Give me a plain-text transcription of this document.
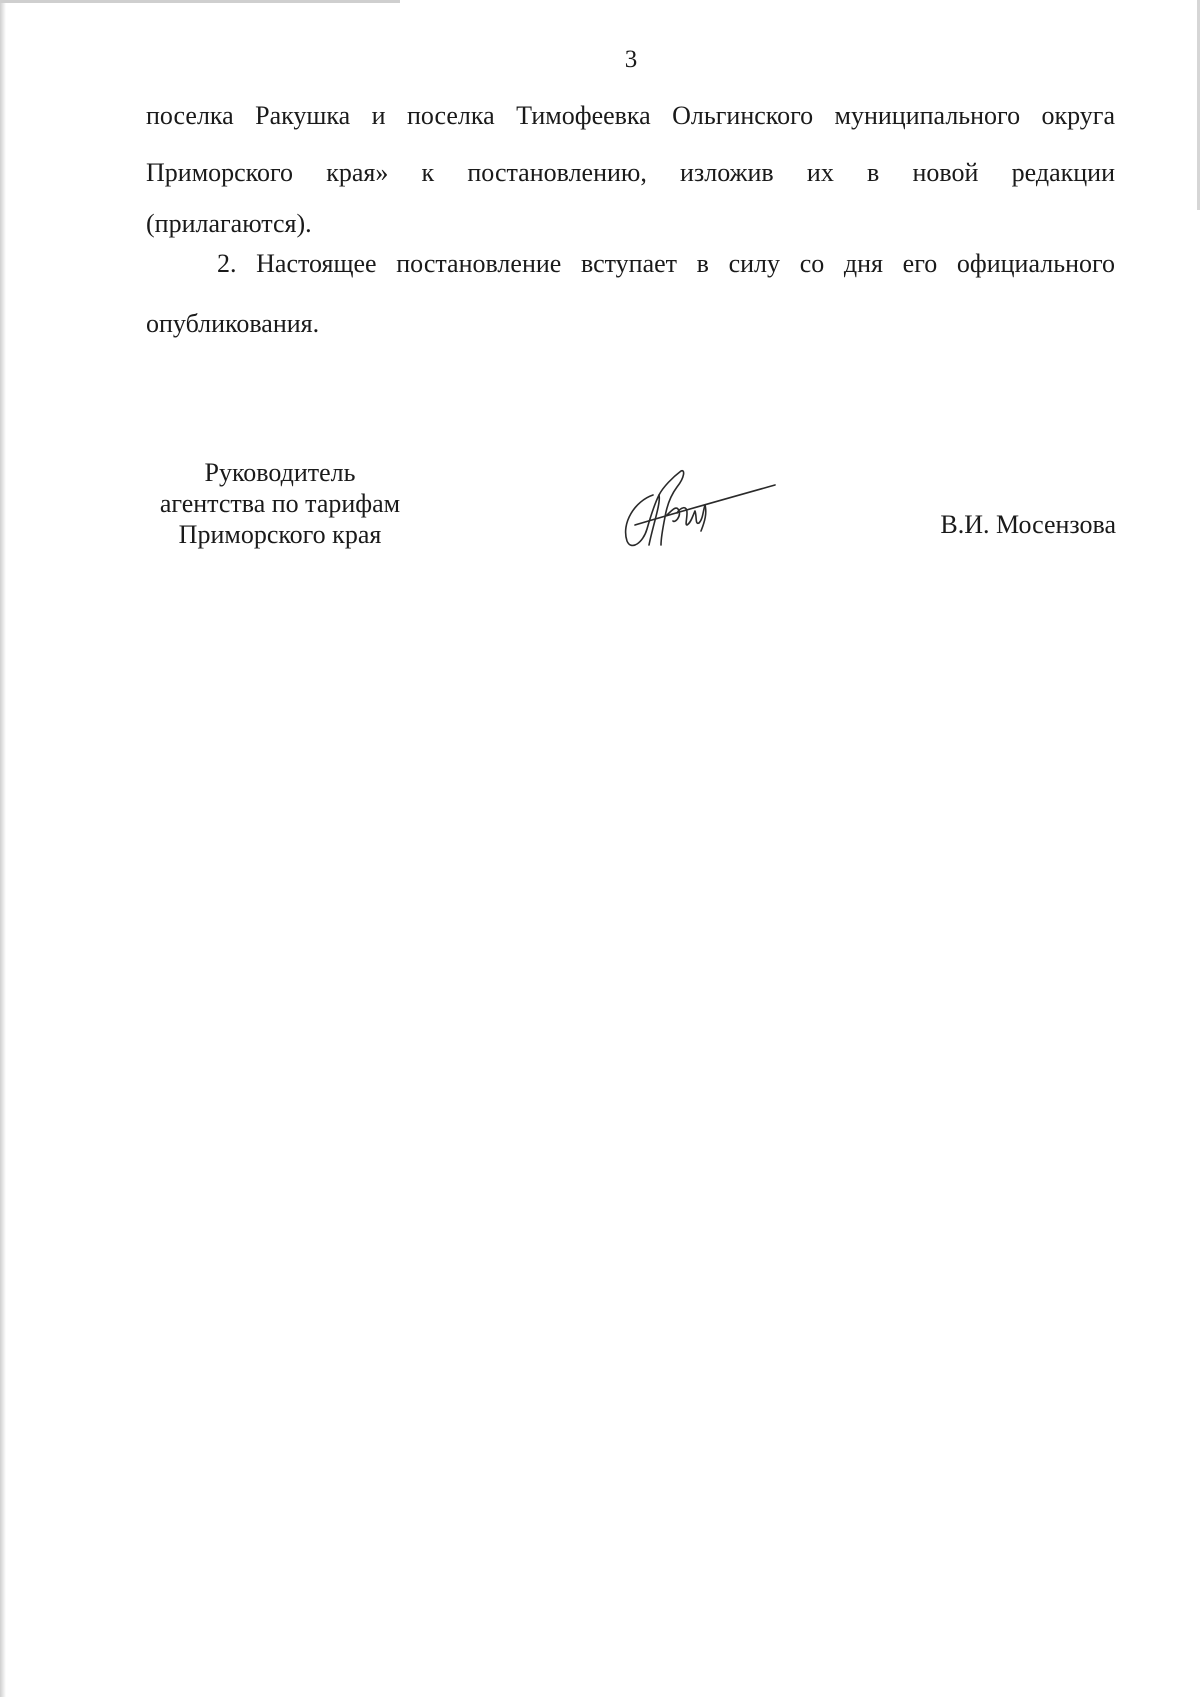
3
поселка Ракушка и поселка Тимофеевка Ольгинского муниципального округа
Приморского края» к постановлению, изложив их в новой редакции
(прилагаются).
2. Настоящее постановление вступает в силу со дня его официального
опубликования.
Руководитель
агентства по тарифам
Приморского края	В.И. Мосензова
